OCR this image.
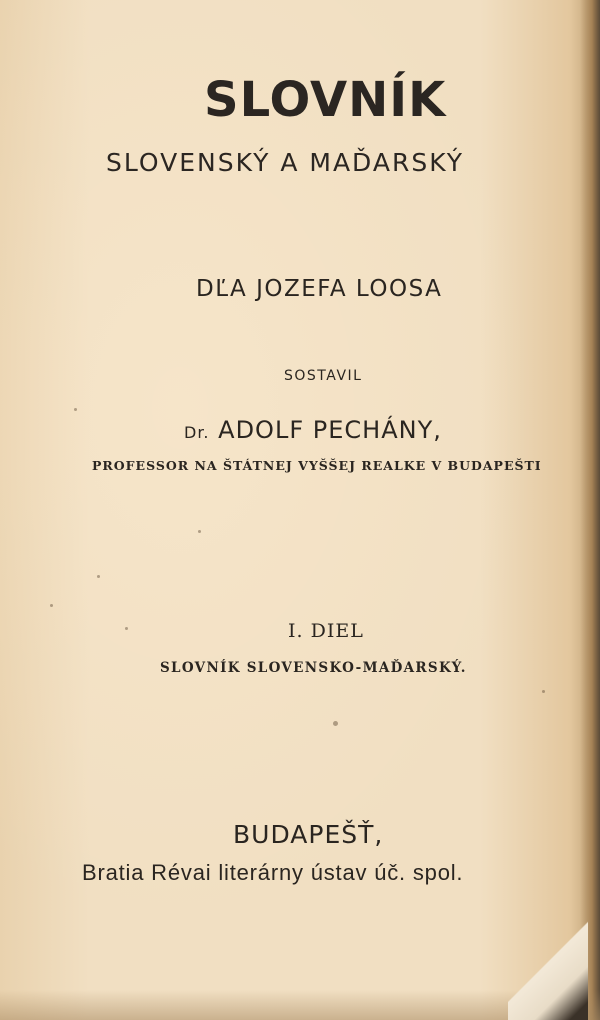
SLOVNÍK
SLOVENSKÝ A MAĎARSKÝ
DĽA JOZEFA LOOSA
SOSTAVIL
Dr. ADOLF PECHÁNY,
PROFESSOR NA ŠTÁTNEJ VYŠŠEJ REALKE V BUDAPEŠTI
I. DIEL
SLOVNÍK SLOVENSKO-MAĎARSKÝ.
BUDAPEŠŤ,
Bratia Révai literárny ústav úč. spol.
